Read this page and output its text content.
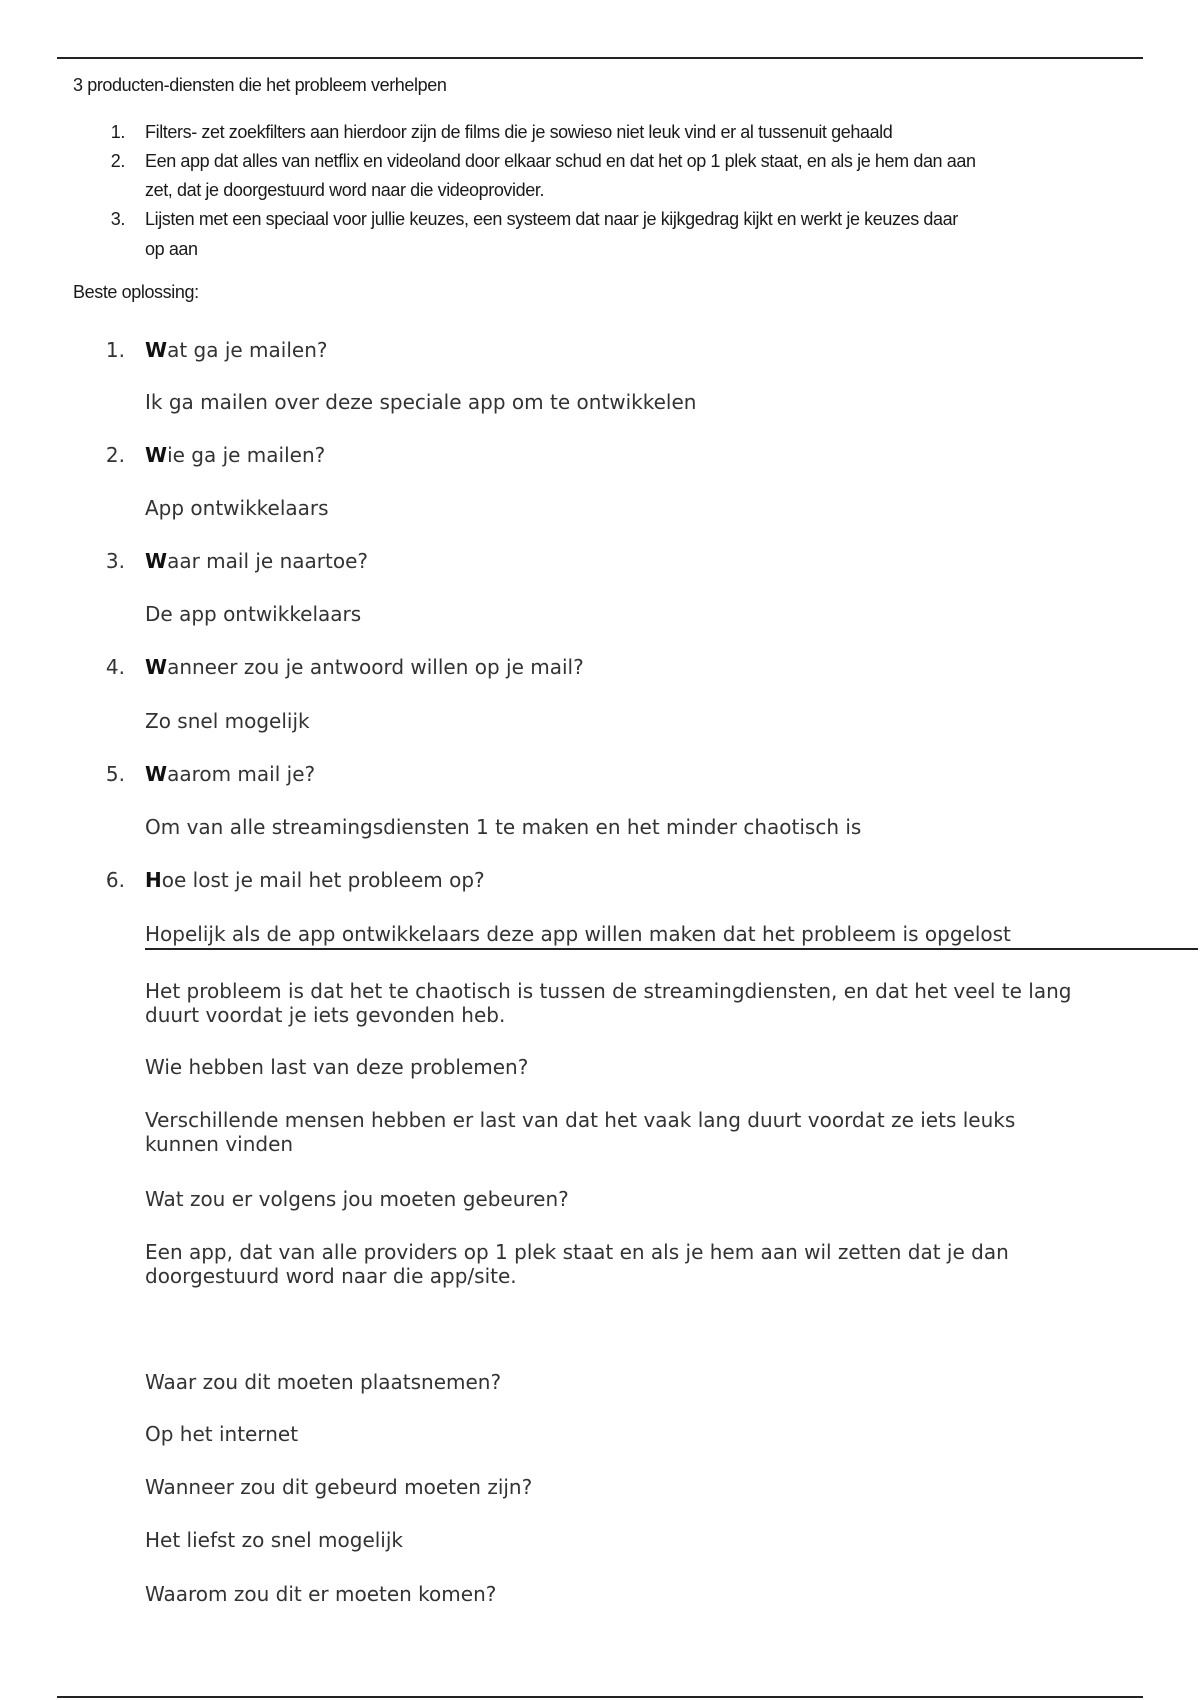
3 producten-diensten die het probleem verhelpen
1. Filters- zet zoekfilters aan hierdoor zijn de films die je sowieso niet leuk vind er al tussenuit gehaald
2. Een app dat alles van netflix en videoland door elkaar schud en dat het op 1 plek staat, en als je hem dan aan
zet, dat je doorgestuurd word naar die videoprovider.
3. Lijsten met een speciaal voor jullie keuzes, een systeem dat naar je kijkgedrag kijkt en werkt je keuzes daar
op aan
Beste oplossing:
1. Wat ga je mailen?
Ik ga mailen over deze speciale app om te ontwikkelen
2. Wie ga je mailen?
App ontwikkelaars
3. Waar mail je naartoe?
De app ontwikkelaars
4. Wanneer zou je antwoord willen op je mail?
Zo snel mogelijk
5. Waarom mail je?
Om van alle streamingsdiensten 1 te maken en het minder chaotisch is
6. Hoe lost je mail het probleem op?
Hopelijk als de app ontwikkelaars deze app willen maken dat het probleem is opgelost
Het probleem is dat het te chaotisch is tussen de streamingdiensten, en dat het veel te lang
duurt voordat je iets gevonden heb.
Wie hebben last van deze problemen?
Verschillende mensen hebben er last van dat het vaak lang duurt voordat ze iets leuks
kunnen vinden
Wat zou er volgens jou moeten gebeuren?
Een app, dat van alle providers op 1 plek staat en als je hem aan wil zetten dat je dan
doorgestuurd word naar die app/site.
Waar zou dit moeten plaatsnemen?
Op het internet
Wanneer zou dit gebeurd moeten zijn?
Het liefst zo snel mogelijk
Waarom zou dit er moeten komen?
